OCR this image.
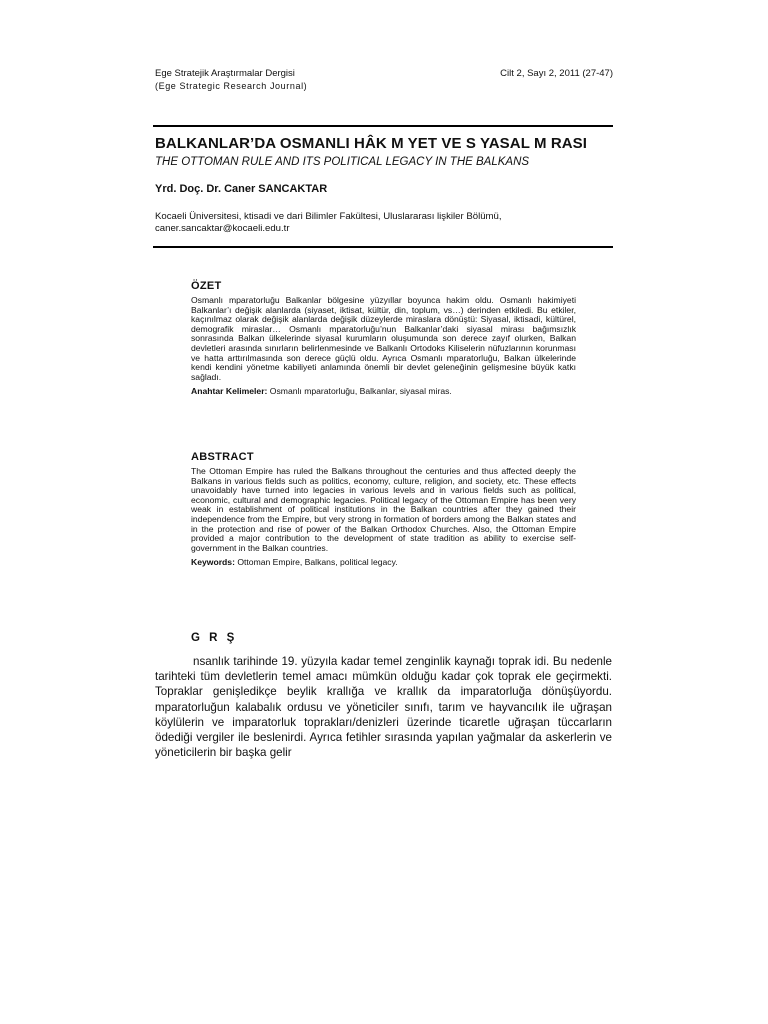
Ege Stratejik Araştırmalar Dergisi
(Ege Strategic Research Journal)
Cilt 2, Sayı 2, 2011 (27-47)
BALKANLAR’DA OSMANLI HÂK M YET VE S YASAL M RASI
THE OTTOMAN RULE AND ITS POLITICAL LEGACY IN THE BALKANS
Yrd. Doç. Dr. Caner SANCAKTAR
Kocaeli Üniversitesi, ktisadi ve dari Bilimler Fakültesi, Uluslararası lişkiler Bölümü,
caner.sancaktar@kocaeli.edu.tr
ÖZET

Osmanlı mparatorluğu Balkanlar bölgesine yüzyıllar boyunca hakim oldu. Osmanlı hakimiyeti Balkanlar’ı değişik alanlarda (siyaset, iktisat, kültür, din, toplum, vs…) derinden etkiledi. Bu etkiler, kaçınılmaz olarak değişik alanlarda değişik düzeylerde miraslara dönüştü: Siyasal, iktisadi, kültürel, demografik miraslar… Osmanlı mparatorluğu’nun Balkanlar’daki siyasal mirası bağımsızlık sonrasında Balkan ülkelerinde siyasal kurumların oluşumunda son derece zayıf olurken, Balkan devletleri arasında sınırların belirlenmesinde ve Balkanlı Ortodoks Kiliselerin nüfuzlarının korunması ve hatta arttırılmasında son derece güçlü oldu. Ayrıca Osmanlı mparatorluğu, Balkan ülkelerinde kendi kendini yönetme kabiliyeti anlamında önemli bir devlet geleneğinin gelişmesine büyük katkı sağladı.

Anahtar Kelimeler: Osmanlı mparatorluğu, Balkanlar, siyasal miras.
ABSTRACT

The Ottoman Empire has ruled the Balkans throughout the centuries and thus affected deeply the Balkans in various fields such as politics, economy, culture, religion, and society, etc. These effects unavoidably have turned into legacies in various levels and in various fields such as political, economic, cultural and demographic legacies. Political legacy of the Ottoman Empire has been very weak in establishment of political institutions in the Balkan countries after they gained their independence from the Empire, but very strong in formation of borders among the Balkan states and in the protection and rise of power of the Balkan Orthodox Churches. Also, the Ottoman Empire provided a major contribution to the development of state tradition as ability to exercise self- government in the Balkan countries.

Keywords: Ottoman Empire, Balkans, political legacy.
G R Ş

nsanlık tarihinde 19. yüzyıla kadar temel zenginlik kaynağı toprak idi. Bu nedenle tarihteki tüm devletlerin temel amacı mümkün olduğu kadar çok toprak ele geçirmekti. Topraklar genişledikçe beylik krallığa ve krallık da imparatorluğa dönüşüyordu. mparatorluğun kalabalık ordusu ve yöneticiler sınıfı, tarım ve hayvancılık ile uğraşan köylülerin ve imparatorluk toprakları/denizleri üzerinde ticaretle uğraşan tüccarların ödediği vergiler ile beslenirdi. Ayrıca fetihler sırasında yapılan yağmalar da askerlerin ve yöneticilerin bir başka gelir
